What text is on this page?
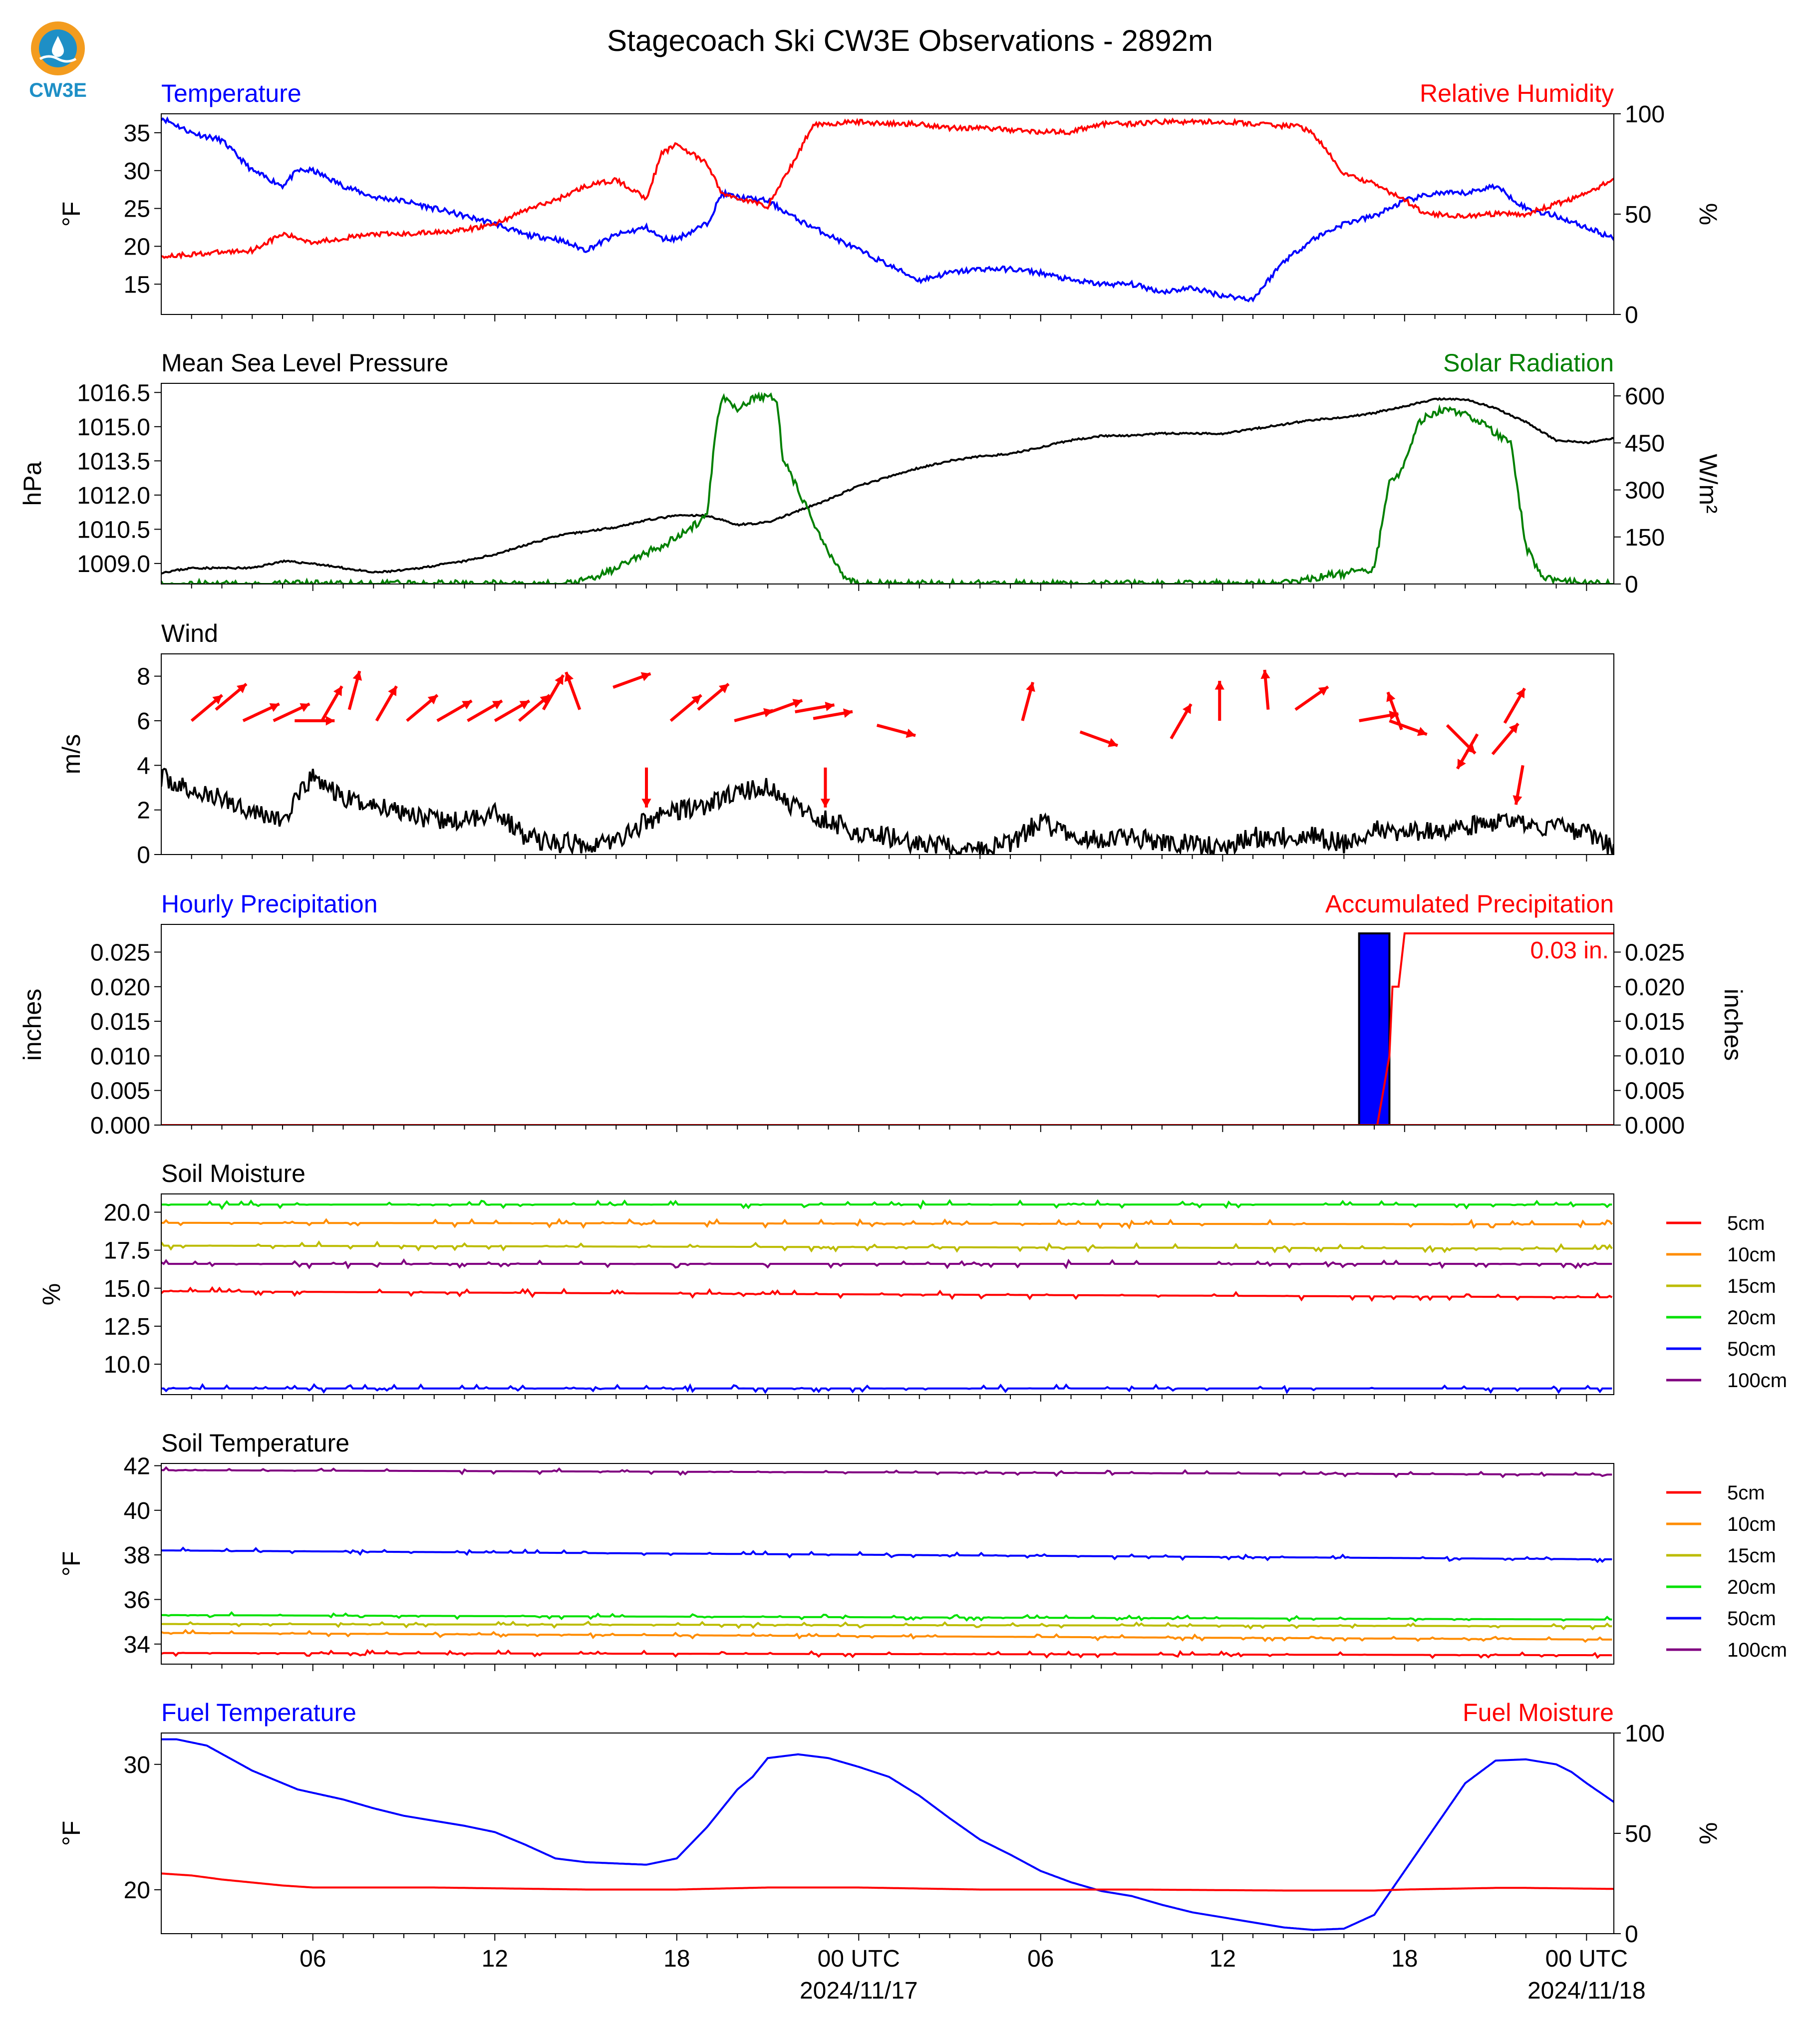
CW3E
Stagecoach Ski CW3E Observations - 2892m
Temperature	Relative Humidity
15
20
25
30
35
°F
0
50
100
%
Mean Sea Level Pressure	Solar Radiation
1009.0
1010.5
1012.0
1013.5
1015.0
1016.5
hPa
0
150
300
450
600
W/m²
Wind
0
2
4
6
8
m/s
Hourly Precipitation	Accumulated Precipitation
0.000
0.005
0.010
0.015
0.020
0.025
inches
0.000
0.005
0.010
0.015
0.020
0.025
inches
0.03 in.
Soil Moisture
10.0
12.5
15.0
17.5
20.0
%
5cm
10cm
15cm
20cm
50cm
100cm
Soil Temperature
34
36
38
40
42
°F
5cm
10cm
15cm
20cm
50cm
100cm
Fuel Temperature	Fuel Moisture
20
30
°F
0
50
100
%
06	12	18	00 UTC	06	12	18	00 UTC
2024/11/17	2024/11/18
